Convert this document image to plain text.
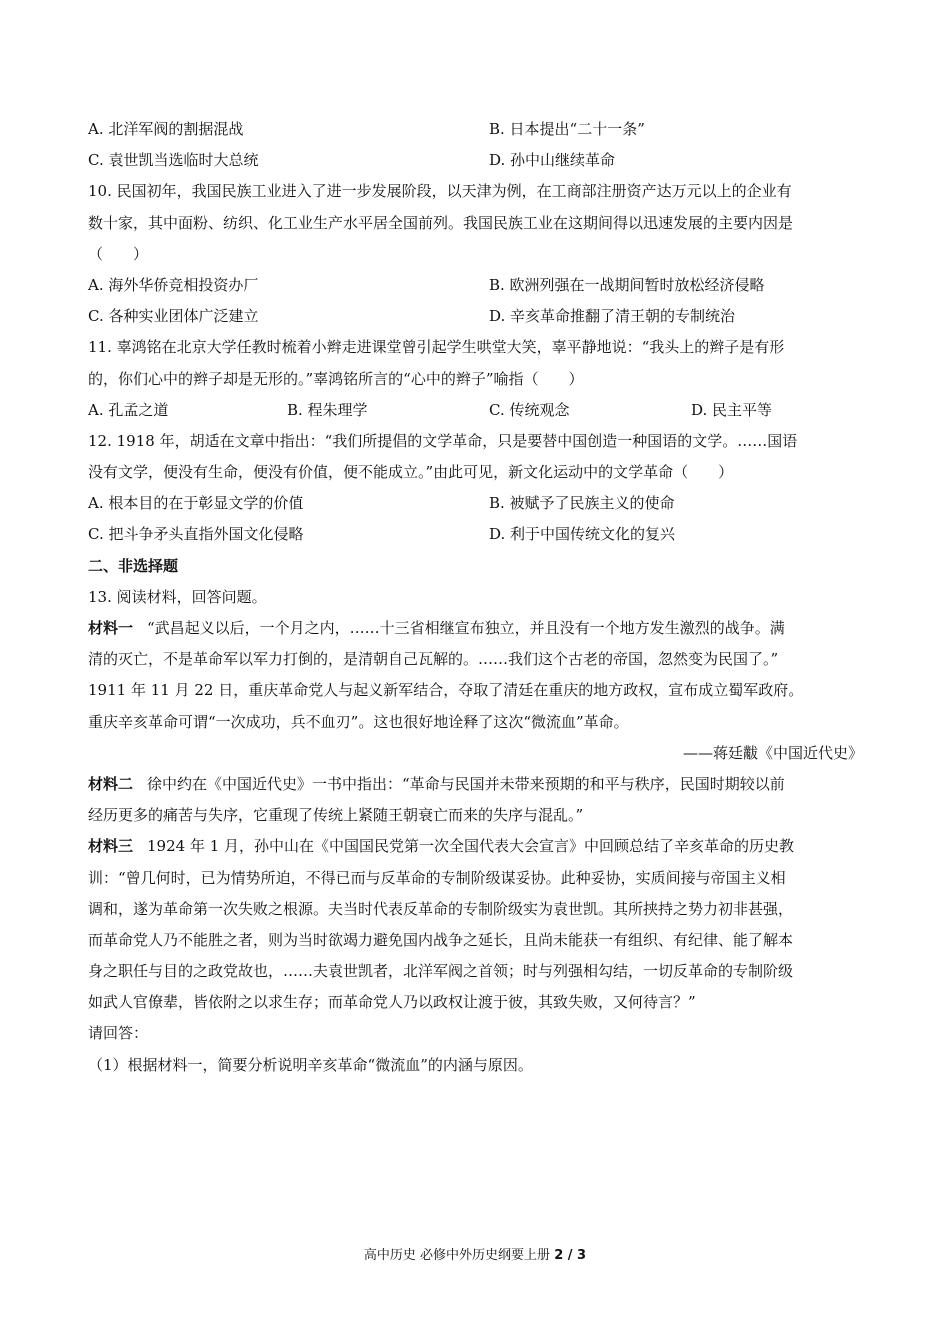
A. 北洋军阀的割据混战	B. 日本提出“二十一条”
C. 袁世凯当选临时大总统	D. 孙中山继续革命
10. 民国初年，我国民族工业进入了进一步发展阶段，以天津为例，在工商部注册资产达万元以上的企业有
数十家，其中面粉、纺织、化工业生产水平居全国前列。我国民族工业在这期间得以迅速发展的主要内因是
（　　）
A. 海外华侨竞相投资办厂	B. 欧洲列强在一战期间暂时放松经济侵略
C. 各种实业团体广泛建立	D. 辛亥革命推翻了清王朝的专制统治
11. 辜鸿铭在北京大学任教时梳着小辫走进课堂曾引起学生哄堂大笑，辜平静地说：“我头上的辫子是有形
的，你们心中的辫子却是无形的。”辜鸿铭所言的“心中的辫子”喻指（　　）
A. 孔孟之道	B. 程朱理学	C. 传统观念	D. 民主平等
12. 1918 年，胡适在文章中指出：“我们所提倡的文学革命，只是要替中国创造一种国语的文学。……国语
没有文学，便没有生命，便没有价值，便不能成立。”由此可见，新文化运动中的文学革命（　　）
A. 根本目的在于彰显文学的价值	B. 被赋予了民族主义的使命
C. 把斗争矛头直指外国文化侵略	D. 利于中国传统文化的复兴
二、非选择题
13. 阅读材料，回答问题。
材料一 “武昌起义以后，一个月之内，……十三省相继宣布独立，并且没有一个地方发生激烈的战争。满
清的灭亡，不是革命军以军力打倒的，是清朝自己瓦解的。……我们这个古老的帝国，忽然变为民国了。”
1911 年 11 月 22 日，重庆革命党人与起义新军结合，夺取了清廷在重庆的地方政权，宣布成立蜀军政府。
重庆辛亥革命可谓“一次成功，兵不血刃”。这也很好地诠释了这次“微流血”革命。
——蒋廷黻《中国近代史》
材料二 徐中约在《中国近代史》一书中指出：“革命与民国并未带来预期的和平与秩序，民国时期较以前
经历更多的痛苦与失序，它重现了传统上紧随王朝衰亡而来的失序与混乱。”
材料三 1924 年 1 月，孙中山在《中国国民党第一次全国代表大会宣言》中回顾总结了辛亥革命的历史教
训：“曾几何时，已为情势所迫，不得已而与反革命的专制阶级谋妥协。此种妥协，实质间接与帝国主义相
调和，遂为革命第一次失败之根源。夫当时代表反革命的专制阶级实为袁世凯。其所挟持之势力初非甚强，
而革命党人乃不能胜之者，则为当时欲竭力避免国内战争之延长，且尚未能获一有组织、有纪律、能了解本
身之职任与目的之政党故也，……夫袁世凯者，北洋军阀之首领；时与列强相勾结，一切反革命的专制阶级
如武人官僚辈，皆依附之以求生存；而革命党人乃以政权让渡于彼，其致失败，又何待言？”
请回答：
（1）根据材料一，简要分析说明辛亥革命“微流血”的内涵与原因。
高中历史 必修中外历史纲要上册 2 / 3
